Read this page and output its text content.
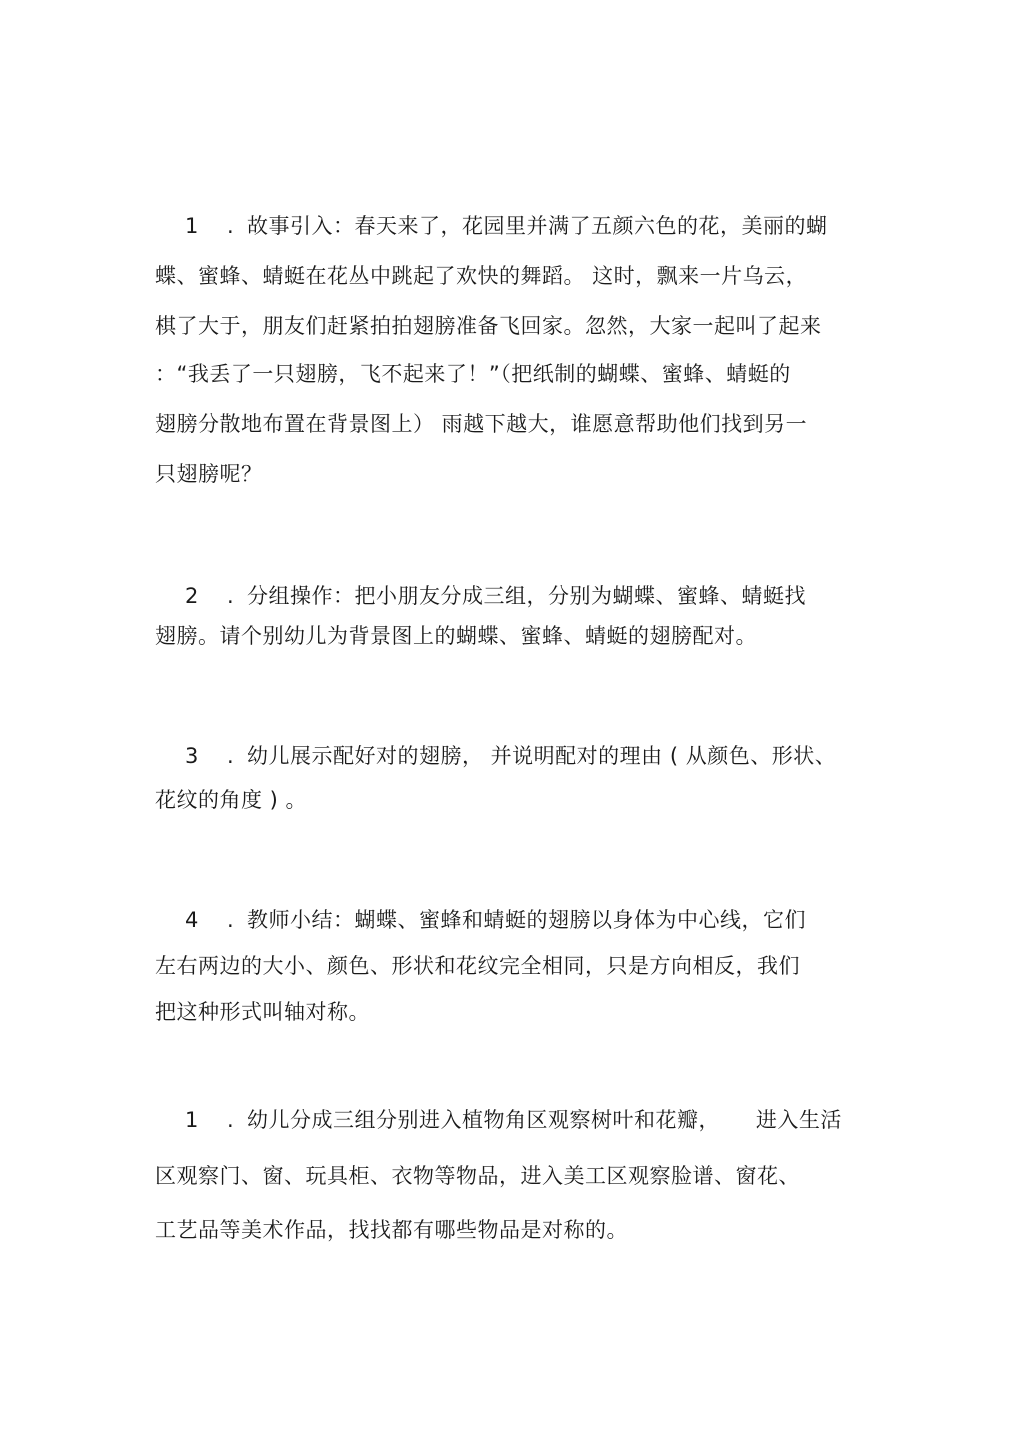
1 . 故事引入：春天来了，花园里并满了五颜六色的花，美丽的蝴
蝶、蜜蜂、蜻蜓在花丛中跳起了欢快的舞蹈。 这时，飘来一片乌云，
棋了大于，朋友们赶紧拍拍翅膀准备飞回家。忽然，大家一起叫了起来
：“我丢了一只翅膀，飞不起来了！”（把纸制的蝴蝶、蜜蜂、蜻蜓的
翅膀分散地布置在背景图上） 雨越下越大，谁愿意帮助他们找到另一
只翅膀呢？
2 . 分组操作：把小朋友分成三组，分别为蝴蝶、蜜蜂、蜻蜓找
翅膀。请个别幼儿为背景图上的蝴蝶、蜜蜂、蜻蜓的翅膀配对。
3 . 幼儿展示配好对的翅膀， 并说明配对的理由 ( 从颜色、形状、
花纹的角度 ) 。
4 . 教师小结：蝴蝶、蜜蜂和蜻蜓的翅膀以身体为中心线，它们
左右两边的大小、颜色、形状和花纹完全相同，只是方向相反，我们
把这种形式叫轴对称。
1 . 幼儿分成三组分别进入植物角区观察树叶和花瓣， 　 进入生活
区观察门、窗、玩具柜、衣物等物品，进入美工区观察脸谱、窗花、
工艺品等美术作品，找找都有哪些物品是对称的。
